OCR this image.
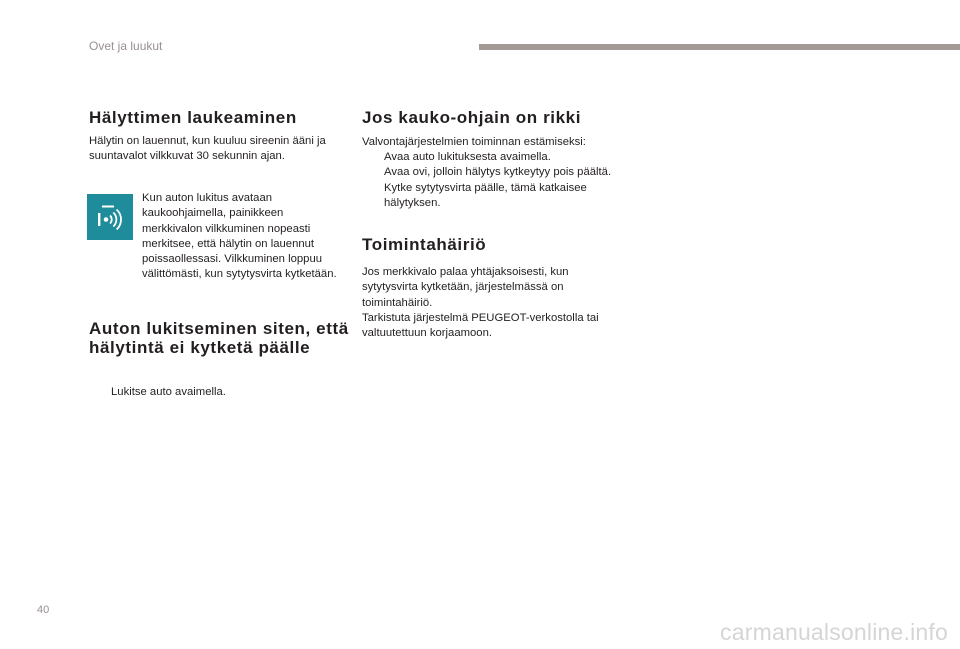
Ovet ja luukut
Hälyttimen laukeaminen

Hälytin on lauennut, kun kuuluu sireenin ääni ja suuntavalot vilkkuvat 30 sekunnin ajan.

Kun auton lukitus avataan kaukoohjaimella, painikkeen merkkivalon vilkkuminen nopeasti merkitsee, että hälytin on lauennut poissaollessasi. Vilkkuminen loppuu välittömästi, kun sytytysvirta kytketään.

Auton lukitseminen siten, että hälytintä ei kytketä päälle
Lukitse auto avaimella.
Jos kauko-ohjain on rikki

Valvontajärjestelmien toiminnan estämiseksi:

Avaa auto lukituksesta avaimella.
Avaa ovi, jolloin hälytys kytkeytyy pois päältä.
Kytke sytytysvirta päälle, tämä katkaisee hälytyksen.
Toimintahäiriö

Jos merkkivalo palaa yhtäjaksoisesti, kun sytytysvirta kytketään, järjestelmässä on toimintahäiriö.

Tarkistuta järjestelmä PEUGEOT-verkostolla tai valtuutettuun korjaamoon.

40
carmanualsonline.info
